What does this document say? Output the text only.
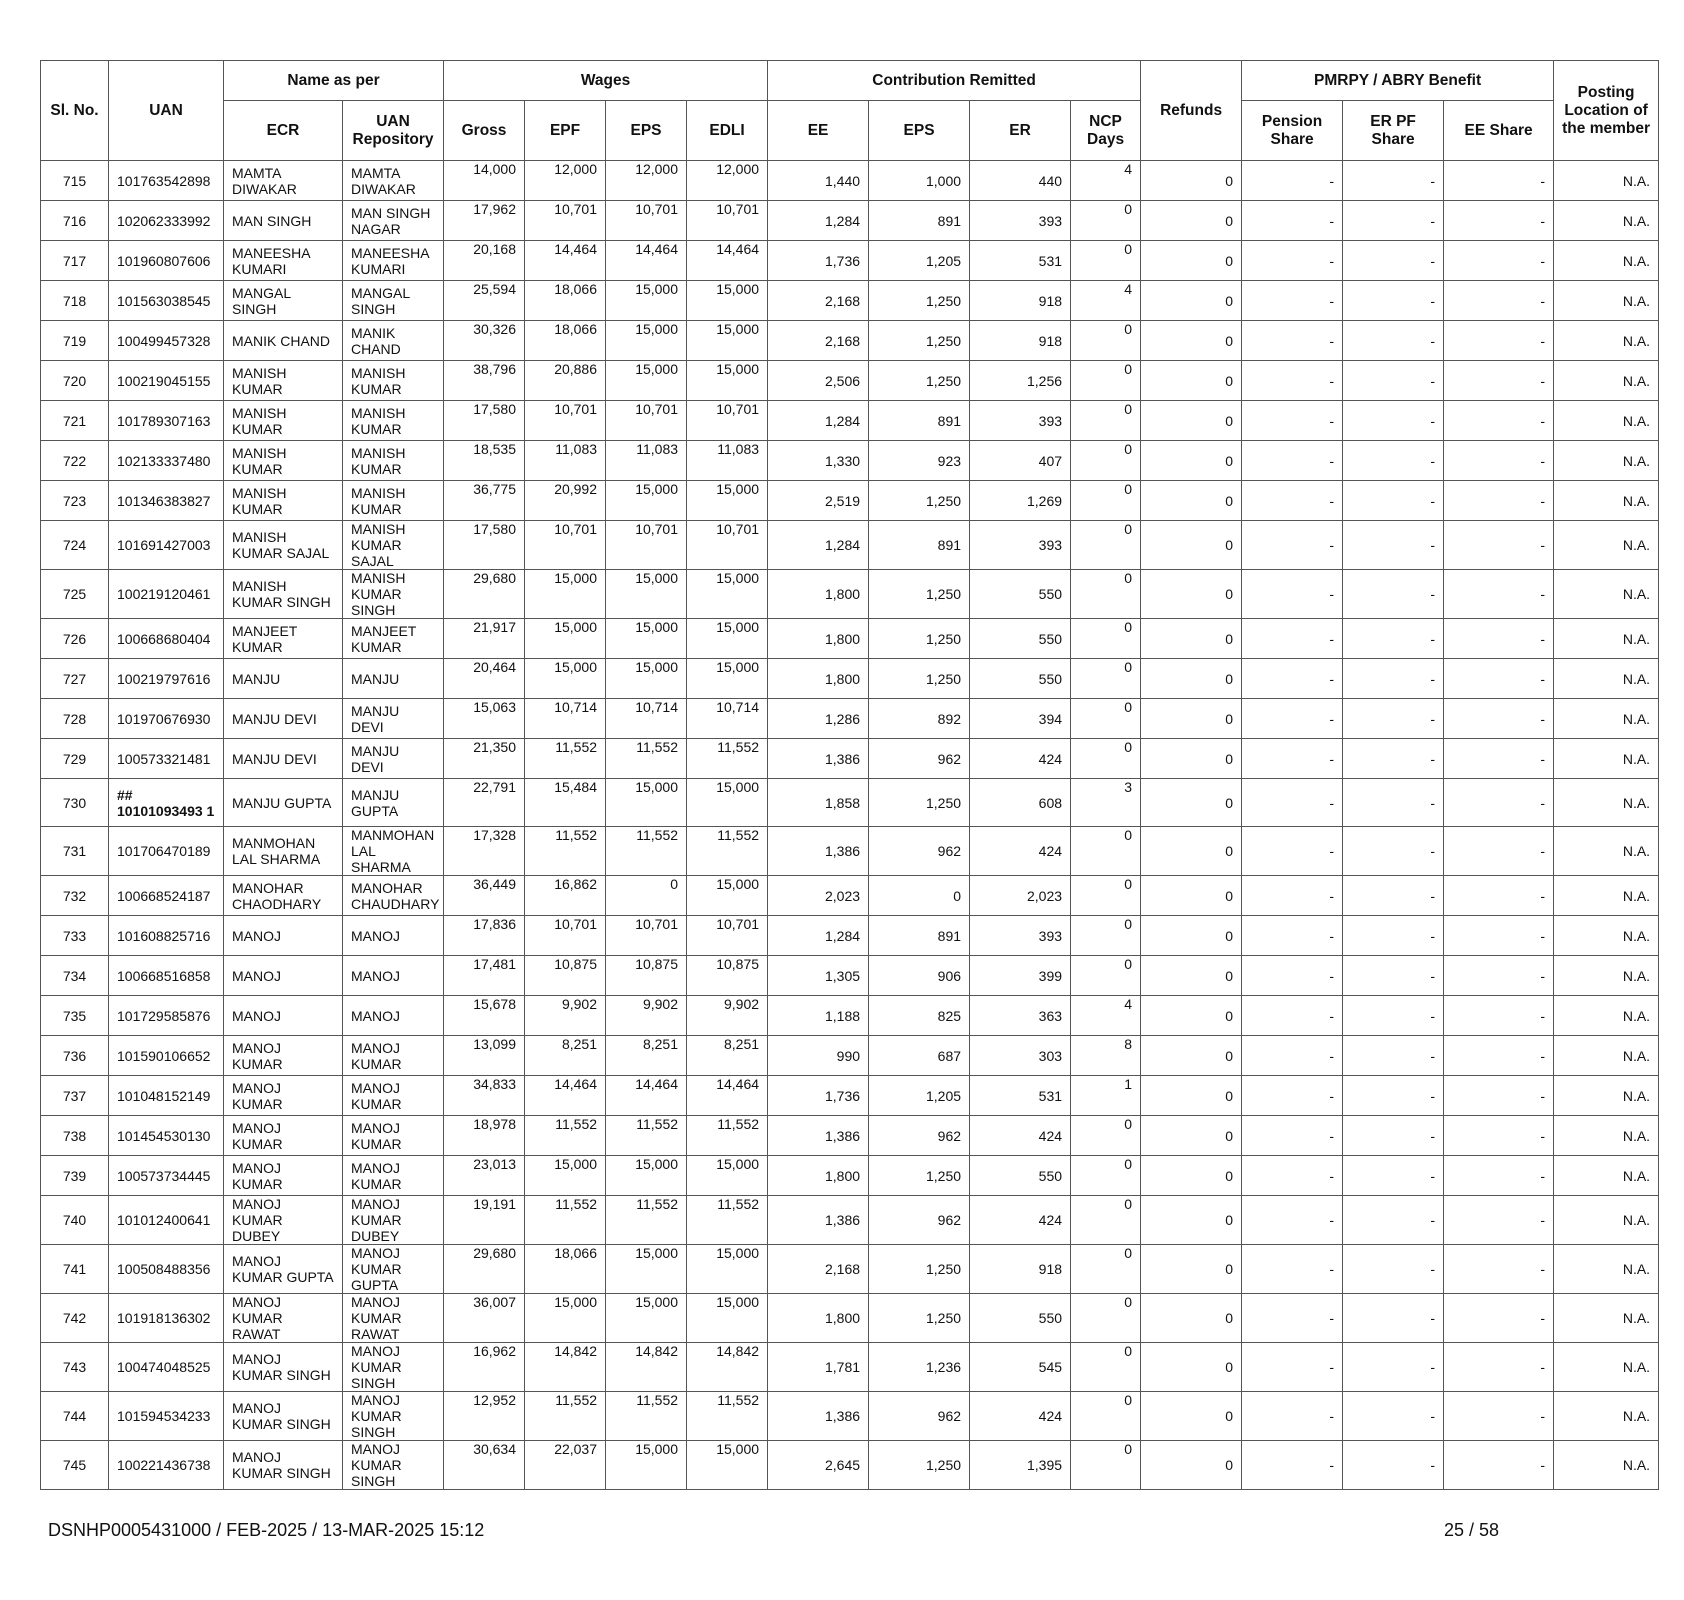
Sl. No.	UAN	Name as per		Wages				Contribution Remitted				Refunds	PMRPY / ABRY Benefit			Posting Location of the member
		ECR	UAN Repository	Gross	EPF	EPS	EDLI	EE	EPS	ER	NCP Days		Pension Share	ER PF Share	EE Share	
715	101763542898	MAMTA DIWAKAR	MAMTA DIWAKAR	14,000	12,000	12,000	12,000	1,440	1,000	440	4	0	-	-	-	N.A.
716	102062333992	MAN SINGH	MAN SINGH NAGAR	17,962	10,701	10,701	10,701	1,284	891	393	0	0	-	-	-	N.A.
717	101960807606	MANEESHA KUMARI	MANEESHA KUMARI	20,168	14,464	14,464	14,464	1,736	1,205	531	0	0	-	-	-	N.A.
718	101563038545	MANGAL SINGH	MANGAL SINGH	25,594	18,066	15,000	15,000	2,168	1,250	918	4	0	-	-	-	N.A.
719	100499457328	MANIK CHAND	MANIK CHAND	30,326	18,066	15,000	15,000	2,168	1,250	918	0	0	-	-	-	N.A.
720	100219045155	MANISH KUMAR	MANISH KUMAR	38,796	20,886	15,000	15,000	2,506	1,250	1,256	0	0	-	-	-	N.A.
721	101789307163	MANISH KUMAR	MANISH KUMAR	17,580	10,701	10,701	10,701	1,284	891	393	0	0	-	-	-	N.A.
722	102133337480	MANISH KUMAR	MANISH KUMAR	18,535	11,083	11,083	11,083	1,330	923	407	0	0	-	-	-	N.A.
723	101346383827	MANISH KUMAR	MANISH KUMAR	36,775	20,992	15,000	15,000	2,519	1,250	1,269	0	0	-	-	-	N.A.
724	101691427003	MANISH KUMAR SAJAL	MANISH KUMAR SAJAL	17,580	10,701	10,701	10,701	1,284	891	393	0	0	-	-	-	N.A.
725	100219120461	MANISH KUMAR SINGH	MANISH KUMAR SINGH	29,680	15,000	15,000	15,000	1,800	1,250	550	0	0	-	-	-	N.A.
726	100668680404	MANJEET KUMAR	MANJEET KUMAR	21,917	15,000	15,000	15,000	1,800	1,250	550	0	0	-	-	-	N.A.
727	100219797616	MANJU	MANJU	20,464	15,000	15,000	15,000	1,800	1,250	550	0	0	-	-	-	N.A.
728	101970676930	MANJU DEVI	MANJU DEVI	15,063	10,714	10,714	10,714	1,286	892	394	0	0	-	-	-	N.A.
729	100573321481	MANJU DEVI	MANJU DEVI	21,350	11,552	11,552	11,552	1,386	962	424	0	0	-	-	-	N.A.
730	## 10101093493 1	MANJU GUPTA	MANJU GUPTA	22,791	15,484	15,000	15,000	1,858	1,250	608	3	0	-	-	-	N.A.
731	101706470189	MANMOHAN LAL SHARMA	MANMOHAN LAL SHARMA	17,328	11,552	11,552	11,552	1,386	962	424	0	0	-	-	-	N.A.
732	100668524187	MANOHAR CHAODHARY	MANOHAR CHAUDHARY	36,449	16,862	0	15,000	2,023	0	2,023	0	0	-	-	-	N.A.
733	101608825716	MANOJ	MANOJ	17,836	10,701	10,701	10,701	1,284	891	393	0	0	-	-	-	N.A.
734	100668516858	MANOJ	MANOJ	17,481	10,875	10,875	10,875	1,305	906	399	0	0	-	-	-	N.A.
735	101729585876	MANOJ	MANOJ	15,678	9,902	9,902	9,902	1,188	825	363	4	0	-	-	-	N.A.
736	101590106652	MANOJ KUMAR	MANOJ KUMAR	13,099	8,251	8,251	8,251	990	687	303	8	0	-	-	-	N.A.
737	101048152149	MANOJ KUMAR	MANOJ KUMAR	34,833	14,464	14,464	14,464	1,736	1,205	531	1	0	-	-	-	N.A.
738	101454530130	MANOJ KUMAR	MANOJ KUMAR	18,978	11,552	11,552	11,552	1,386	962	424	0	0	-	-	-	N.A.
739	100573734445	MANOJ KUMAR	MANOJ KUMAR	23,013	15,000	15,000	15,000	1,800	1,250	550	0	0	-	-	-	N.A.
740	101012400641	MANOJ KUMAR DUBEY	MANOJ KUMAR DUBEY	19,191	11,552	11,552	11,552	1,386	962	424	0	0	-	-	-	N.A.
741	100508488356	MANOJ KUMAR GUPTA	MANOJ KUMAR GUPTA	29,680	18,066	15,000	15,000	2,168	1,250	918	0	0	-	-	-	N.A.
742	101918136302	MANOJ KUMAR RAWAT	MANOJ KUMAR RAWAT	36,007	15,000	15,000	15,000	1,800	1,250	550	0	0	-	-	-	N.A.
743	100474048525	MANOJ KUMAR SINGH	MANOJ KUMAR SINGH	16,962	14,842	14,842	14,842	1,781	1,236	545	0	0	-	-	-	N.A.
744	101594534233	MANOJ KUMAR SINGH	MANOJ KUMAR SINGH	12,952	11,552	11,552	11,552	1,386	962	424	0	0	-	-	-	N.A.
745	100221436738	MANOJ KUMAR SINGH	MANOJ KUMAR SINGH	30,634	22,037	15,000	15,000	2,645	1,250	1,395	0	0	-	-	-	N.A.
DSNHP0005431000 / FEB-2025 / 13-MAR-2025 15:12	25 / 58
